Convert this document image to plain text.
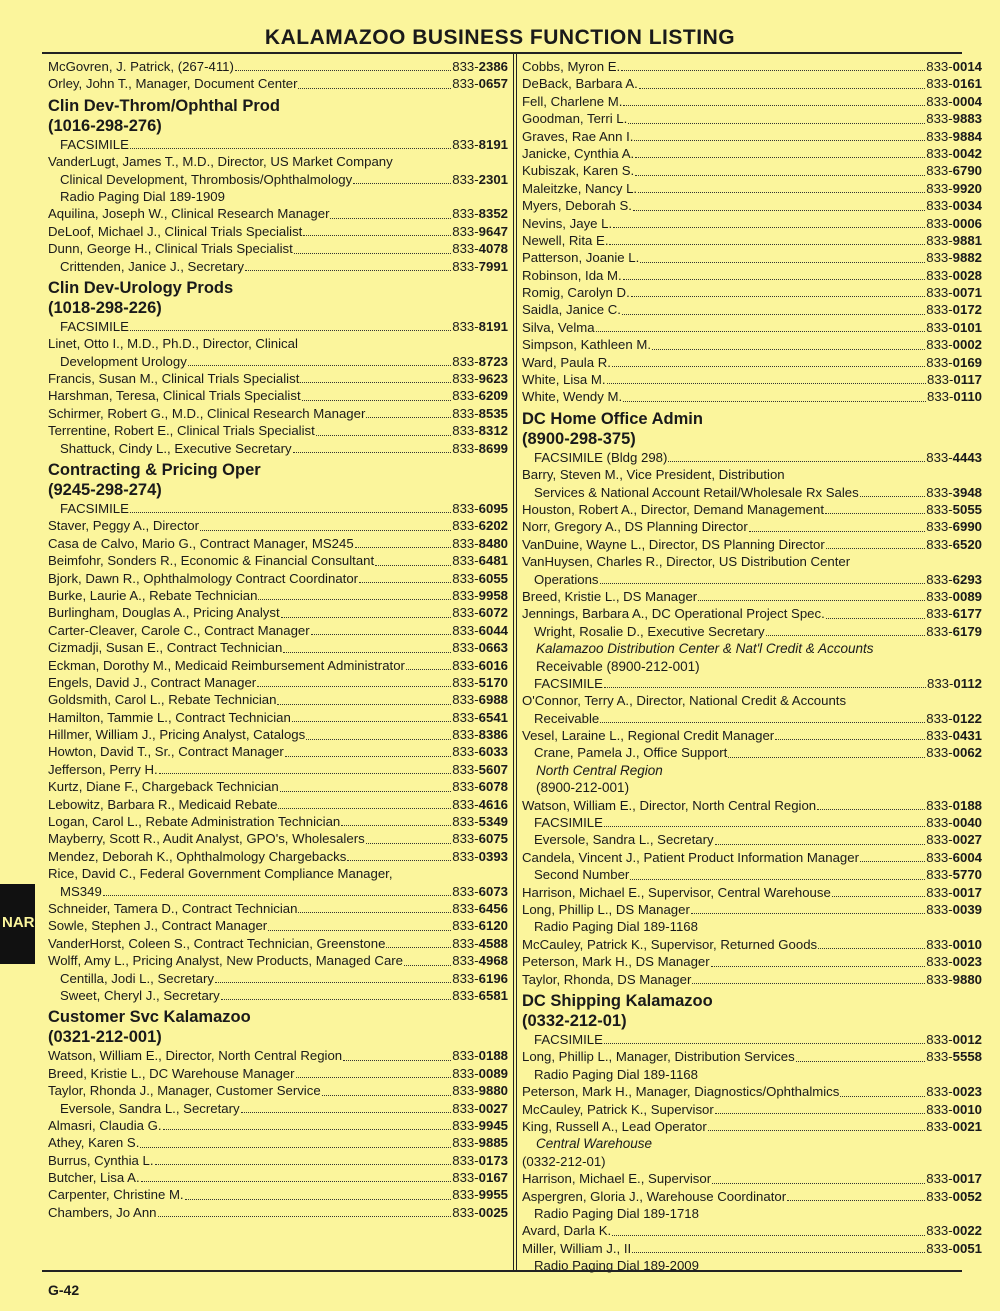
KALAMAZOO BUSINESS FUNCTION LISTING
McGovren, J. Patrick, (267-411)	833-2386
Orley, John T., Manager, Document Center	833-0657
Clin Dev-Throm/Ophthal Prod
(1016-298-276)
FACSIMILE	833-8191
VanderLugt, James T., M.D., Director, US Market Company
Clinical Development, Thrombosis/Ophthalmology	833-2301
Radio Paging Dial 189-1909
Aquilina, Joseph W., Clinical Research Manager	833-8352
DeLoof, Michael J., Clinical Trials Specialist	833-9647
Dunn, George H., Clinical Trials Specialist	833-4078
Crittenden, Janice J., Secretary	833-7991
Clin Dev-Urology Prods
(1018-298-226)
FACSIMILE	833-8191
Linet, Otto I., M.D., Ph.D., Director, Clinical
Development Urology	833-8723
Francis, Susan M., Clinical Trials Specialist	833-9623
Harshman, Teresa, Clinical Trials Specialist	833-6209
Schirmer, Robert G., M.D., Clinical Research Manager	833-8535
Terrentine, Robert E., Clinical Trials Specialist	833-8312
Shattuck, Cindy L., Executive Secretary	833-8699
Contracting & Pricing Oper
(9245-298-274)
FACSIMILE	833-6095
Staver, Peggy A., Director	833-6202
Casa de Calvo, Mario G., Contract Manager, MS245	833-8480
Beimfohr, Sonders R., Economic & Financial Consultant	833-6481
Bjork, Dawn R., Ophthalmology Contract Coordinator	833-6055
Burke, Laurie A., Rebate Technician	833-9958
Burlingham, Douglas A., Pricing Analyst	833-6072
Carter-Cleaver, Carole C., Contract Manager	833-6044
Cizmadji, Susan E., Contract Technician	833-0663
Eckman, Dorothy M., Medicaid Reimbursement Administrator	833-6016
Engels, David J., Contract Manager	833-5170
Goldsmith, Carol L., Rebate Technician	833-6988
Hamilton, Tammie L., Contract Technician	833-6541
Hillmer, William J., Pricing Analyst, Catalogs	833-8386
Howton, David T., Sr., Contract Manager	833-6033
Jefferson, Perry H.	833-5607
Kurtz, Diane F., Chargeback Technician	833-6078
Lebowitz, Barbara R., Medicaid Rebate	833-4616
Logan, Carol L., Rebate Administration Technician	833-5349
Mayberry, Scott R., Audit Analyst, GPO's, Wholesalers	833-6075
Mendez, Deborah K., Ophthalmology Chargebacks	833-0393
Rice, David C., Federal Government Compliance Manager,
MS349	833-6073
Schneider, Tamera D., Contract Technician	833-6456
Sowle, Stephen J., Contract Manager	833-6120
VanderHorst, Coleen S., Contract Technician, Greenstone	833-4588
Wolff, Amy L., Pricing Analyst, New Products, Managed Care	833-4968
Centilla, Jodi L., Secretary	833-6196
Sweet, Cheryl J., Secretary	833-6581
Customer Svc Kalamazoo
(0321-212-001)
Watson, William E., Director, North Central Region	833-0188
Breed, Kristie L., DC Warehouse Manager	833-0089
Taylor, Rhonda J., Manager, Customer Service	833-9880
Eversole, Sandra L., Secretary	833-0027
Almasri, Claudia G.	833-9945
Athey, Karen S.	833-9885
Burrus, Cynthia L.	833-0173
Butcher, Lisa A.	833-0167
Carpenter, Christine M.	833-9955
Chambers, Jo Ann	833-0025
Cobbs, Myron E.	833-0014
DeBack, Barbara A.	833-0161
Fell, Charlene M.	833-0004
Goodman, Terri L.	833-9883
Graves, Rae Ann I.	833-9884
Janicke, Cynthia A.	833-0042
Kubiszak, Karen S.	833-6790
Maleitzke, Nancy L.	833-9920
Myers, Deborah S.	833-0034
Nevins, Jaye L.	833-0006
Newell, Rita E.	833-9881
Patterson, Joanie L.	833-9882
Robinson, Ida M.	833-0028
Romig, Carolyn D.	833-0071
Saidla, Janice C.	833-0172
Silva, Velma	833-0101
Simpson, Kathleen M.	833-0002
Ward, Paula R.	833-0169
White, Lisa M.	833-0117
White, Wendy M.	833-0110
DC Home Office Admin
(8900-298-375)
FACSIMILE (Bldg 298)	833-4443
Barry, Steven M., Vice President, Distribution
Services & National Account Retail/Wholesale Rx Sales	833-3948
Houston, Robert A., Director, Demand Management	833-5055
Norr, Gregory A., DS Planning Director	833-6990
VanDuine, Wayne L., Director, DS Planning Director	833-6520
VanHuysen, Charles R., Director, US Distribution Center
Operations	833-6293
Breed, Kristie L., DS Manager	833-0089
Jennings, Barbara A., DC Operational Project Spec.	833-6177
Wright, Rosalie D., Executive Secretary	833-6179
Kalamazoo Distribution Center & Nat'l Credit & Accounts
Receivable (8900-212-001)
FACSIMILE	833-0112
O'Connor, Terry A., Director, National Credit & Accounts
Receivable	833-0122
Vesel, Laraine L., Regional Credit Manager	833-0431
Crane, Pamela J., Office Support	833-0062
North Central Region
(8900-212-001)
Watson, William E., Director, North Central Region	833-0188
FACSIMILE	833-0040
Eversole, Sandra L., Secretary	833-0027
Candela, Vincent J., Patient Product Information Manager	833-6004
Second Number	833-5770
Harrison, Michael E., Supervisor, Central Warehouse	833-0017
Long, Phillip L., DS Manager	833-0039
Radio Paging Dial 189-1168
McCauley, Patrick K., Supervisor, Returned Goods	833-0010
Peterson, Mark H., DS Manager	833-0023
Taylor, Rhonda, DS Manager	833-9880
DC Shipping Kalamazoo
(0332-212-01)
FACSIMILE	833-0012
Long, Phillip L., Manager, Distribution Services	833-5558
Radio Paging Dial 189-1168
Peterson, Mark H., Manager, Diagnostics/Ophthalmics	833-0023
McCauley, Patrick K., Supervisor	833-0010
King, Russell A., Lead Operator	833-0021
Central Warehouse
(0332-212-01)
Harrison, Michael E., Supervisor	833-0017
Aspergren, Gloria J., Warehouse Coordinator	833-0052
Radio Paging Dial 189-1718
Avard, Darla K.	833-0022
Miller, William J., II	833-0051
Radio Paging Dial 189-2009
G-42
NAR
